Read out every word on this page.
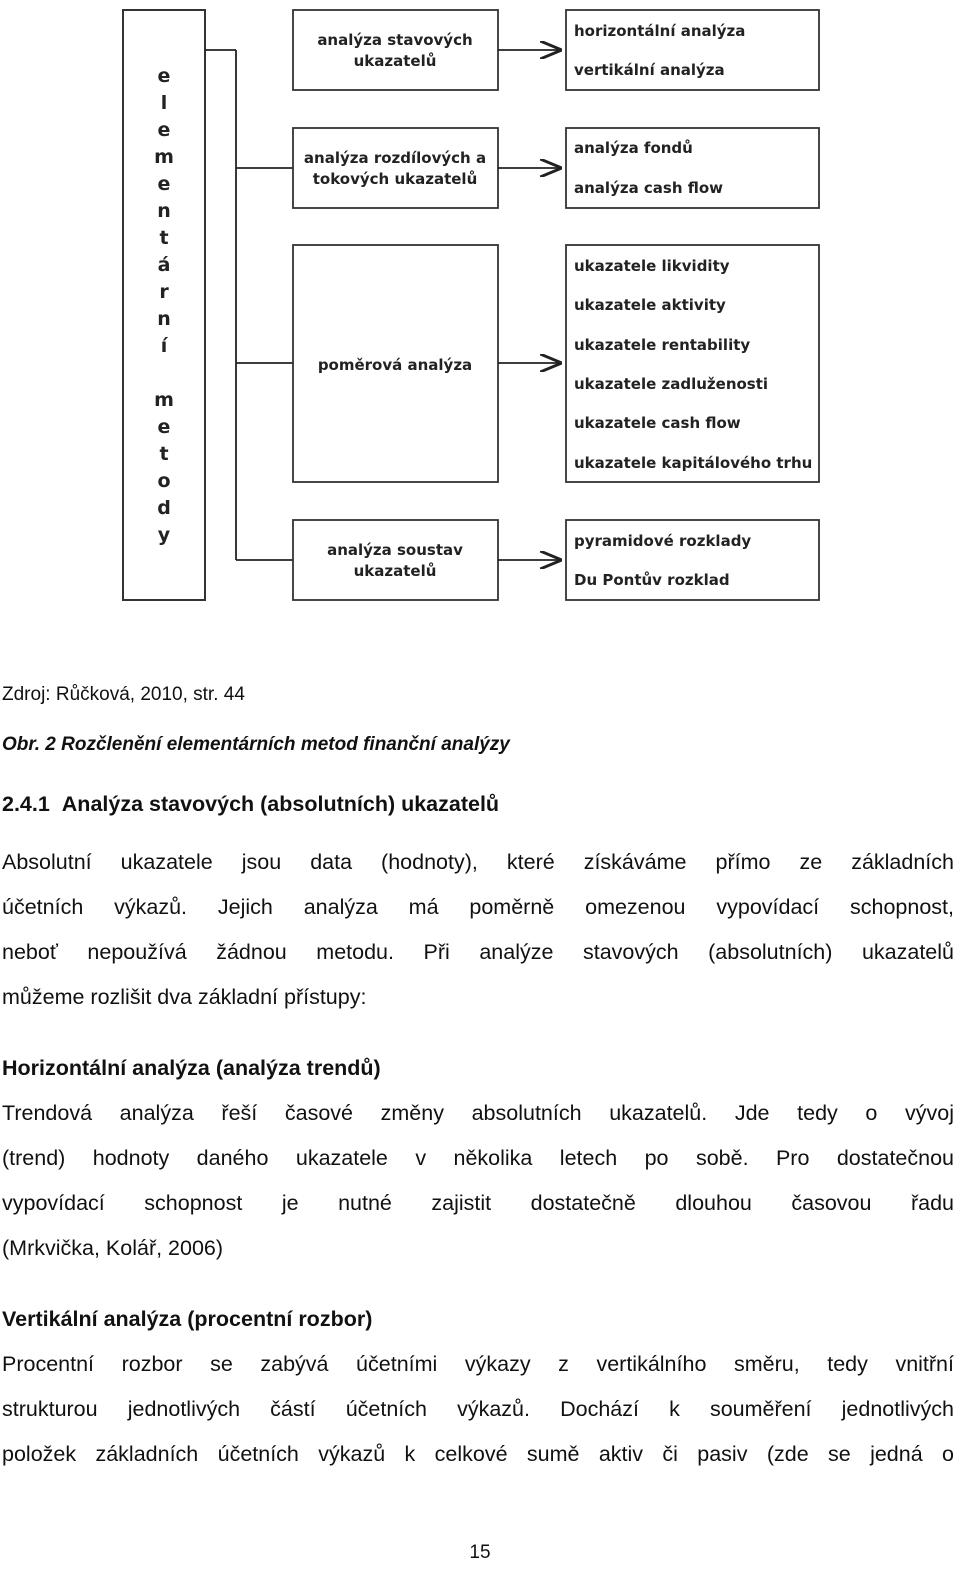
e
l
e
m
e
n
t
á
r
n
í
m
e
t
o
d
y
analýza stavových ukazatelů
horizontální analýza
vertikální analýza
analýza rozdílových a tokových ukazatelů
analýza fondů
analýza cash flow
poměrová analýza
ukazatele likvidity
ukazatele aktivity
ukazatele rentability
ukazatele zadluženosti
ukazatele cash flow
ukazatele kapitálového trhu
analýza soustav ukazatelů
pyramidové rozklady
Du Pontův rozklad

Zdroj: Růčková, 2010, str. 44

Obr. 2 Rozčlenění elementárních metod finanční analýzy

2.4.1 Analýza stavových (absolutních) ukazatelů

Absolutní ukazatele jsou data (hodnoty), které získáváme přímo ze základních

účetních výkazů. Jejich analýza má poměrně omezenou vypovídací schopnost,

neboť nepoužívá žádnou metodu. Při analýze stavových (absolutních) ukazatelů

můžeme rozlišit dva základní přístupy:

Horizontální analýza (analýza trendů)

Trendová analýza řeší časové změny absolutních ukazatelů. Jde tedy o vývoj

(trend) hodnoty daného ukazatele v několika letech po sobě. Pro dostatečnou

vypovídací schopnost je nutné zajistit dostatečně dlouhou časovou řadu

(Mrkvička, Kolář, 2006)

Vertikální analýza (procentní rozbor)

Procentní rozbor se zabývá účetními výkazy z vertikálního směru, tedy vnitřní

strukturou jednotlivých částí účetních výkazů. Dochází k souměření jednotlivých

položek základních účetních výkazů k celkové sumě aktiv či pasiv (zde se jedná o

15
